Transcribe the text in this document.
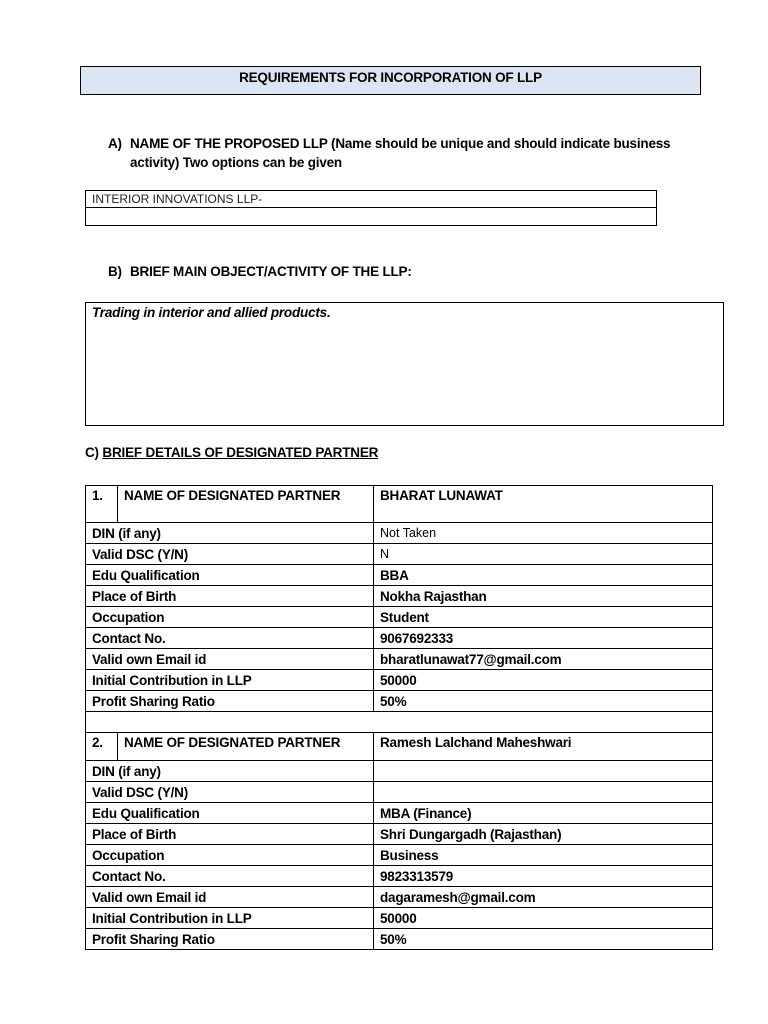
REQUIREMENTS FOR INCORPORATION OF LLP
A) NAME OF THE PROPOSED LLP (Name should be unique and should indicate business activity) Two options can be given
INTERIOR INNOVATIONS LLP-
B) BRIEF MAIN OBJECT/ACTIVITY OF THE LLP:
Trading in interior and allied products.
C) BRIEF DETAILS OF DESIGNATED PARTNER
1.	NAME OF DESIGNATED PARTNER	BHARAT LUNAWAT
DIN (if any)		Not Taken
Valid DSC (Y/N)		N
Edu Qualification		BBA
Place of Birth		Nokha Rajasthan
Occupation		Student
Contact No.		9067692333
Valid own Email id		bharatlunawat77@gmail.com
Initial Contribution in LLP		50000
Profit Sharing Ratio		50%

2.	NAME OF DESIGNATED PARTNER	Ramesh Lalchand Maheshwari
DIN (if any)		
Valid DSC (Y/N)		
Edu Qualification		MBA (Finance)
Place of Birth		Shri Dungargadh (Rajasthan)
Occupation		Business
Contact No.		9823313579
Valid own Email id		dagaramesh@gmail.com
Initial Contribution in LLP		50000
Profit Sharing Ratio		50%
